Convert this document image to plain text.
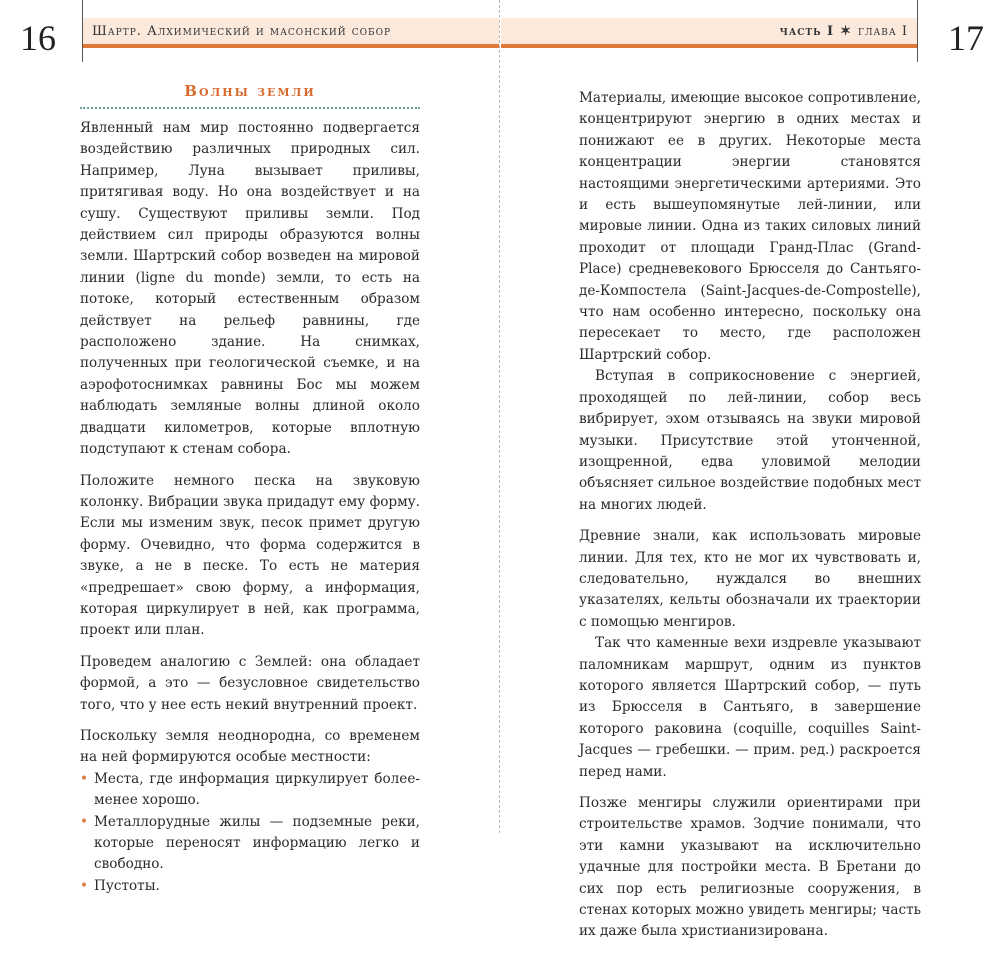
16	Шартр. Алхимический и масонский собор
Волны земли

Явленный нам мир постоянно подвергается воздействию различных природных сил. Например, Луна вызывает приливы, притягивая воду. Но она воздействует и на сушу. Существуют приливы земли. Под действием сил природы образуются волны земли. Шартрский собор возведен на мировой линии (ligne du monde) земли, то есть на потоке, который естественным образом действует на рельеф равнины, где расположено здание. На снимках, полученных при геологической съемке, и на аэрофотоснимках равнины Бос мы можем наблюдать земляные волны длиной около двадцати километров, которые вплотную подступают к стенам собора.

Положите немного песка на звуковую колонку. Вибрации звука придадут ему форму. Если мы изменим звук, песок примет другую форму. Очевидно, что форма содержится в звуке, а не в песке. То есть не материя «предрешает» свою форму, а информация, которая циркулирует в ней, как программа, проект или план.

Проведем аналогию с Землей: она обладает формой, а это — безусловное свидетельство того, что у нее есть некий внутренний проект.

Поскольку земля неоднородна, со временем на ней формируются особые местности:

• Места, где информация циркулирует более-менее хорошо.
• Металлорудные жилы — подземные реки, которые переносят информацию легко и свободно.
• Пустоты.
17
часть I ✶ глава I

Материалы, имеющие высокое сопротивление, концентрируют энергию в одних местах и понижают ее в других. Некоторые места концентрации энергии становятся настоящими энергетическими артериями. Это и есть вышеупомянутые лей-линии, или мировые линии. Одна из таких силовых линий проходит от площади Гранд-Плас (Grand-Place) средневекового Брюсселя до Сантьяго-де-Компостела (Saint-Jacques-de-Compostelle), что нам особенно интересно, поскольку она пересекает то место, где расположен Шартрский собор.

Вступая в соприкосновение с энергией, проходящей по лей-линии, собор весь вибрирует, эхом отзываясь на звуки мировой музыки. Присутствие этой утонченной, изощренной, едва уловимой мелодии объясняет сильное воздействие подобных мест на многих людей.

Древние знали, как использовать мировые линии. Для тех, кто не мог их чувствовать и, следовательно, нуждался во внешних указателях, кельты обозначали их траектории с помощью менгиров.

Так что каменные вехи издревле указывают паломникам маршрут, одним из пунктов которого является Шартрский собор, — путь из Брюсселя в Сантьяго, в завершение которого раковина (coquille, coquilles Saint-Jacques — гребешки. — прим. ред.) раскроется перед нами.

Позже менгиры служили ориентирами при строительстве храмов. Зодчие понимали, что эти камни указывают на исключительно удачные для постройки места. В Бретани до сих пор есть религиозные сооружения, в стенах которых можно увидеть менгиры; часть их даже была христианизирована.
